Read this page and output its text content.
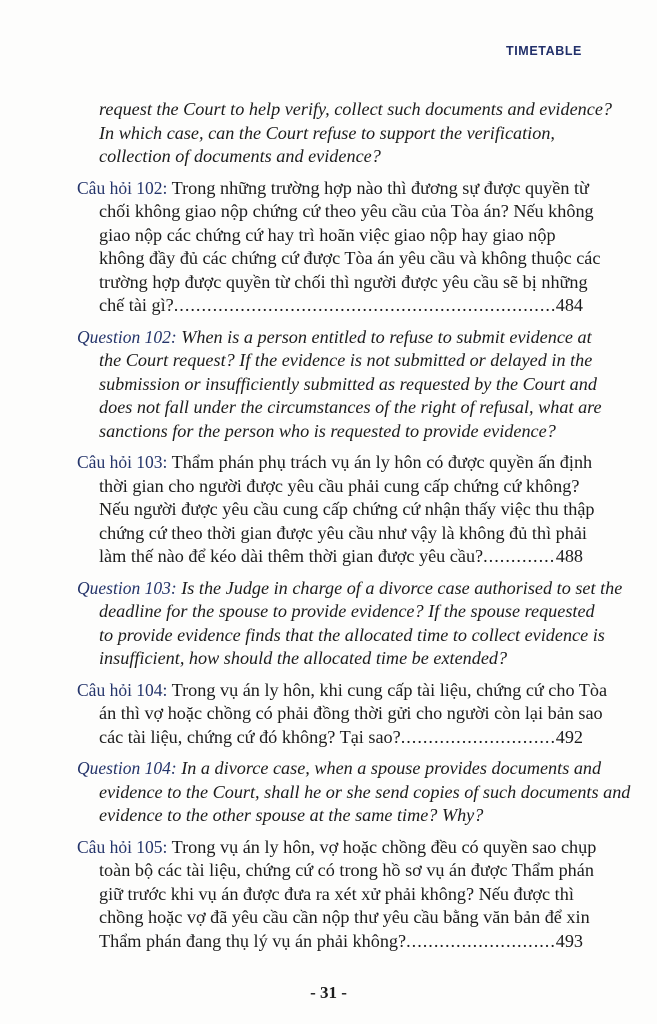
TIMETABLE
request the Court to help verify, collect such documents and evidence?
In which case, can the Court refuse to support the verification,
collection of documents and evidence?
Câu hỏi 102: Trong những trường hợp nào thì đương sự được quyền từ
chối không giao nộp chứng cứ theo yêu cầu của Tòa án? Nếu không
giao nộp các chứng cứ hay trì hoãn việc giao nộp hay giao nộp
không đầy đủ các chứng cứ được Tòa án yêu cầu và không thuộc các
trường hợp được quyền từ chối thì người được yêu cầu sẽ bị những
chế tài gì? .....	484
Question 102: When is a person entitled to refuse to submit evidence at
the Court request? If the evidence is not submitted or delayed in the
submission or insufficiently submitted as requested by the Court and
does not fall under the circumstances of the right of refusal, what are
sanctions for the person who is requested to provide evidence?
Câu hỏi 103: Thẩm phán phụ trách vụ án ly hôn có được quyền ấn định
thời gian cho người được yêu cầu phải cung cấp chứng cứ không?
Nếu người được yêu cầu cung cấp chứng cứ nhận thấy việc thu thập
chứng cứ theo thời gian được yêu cầu như vậy là không đủ thì phải
làm thế nào để kéo dài thêm thời gian được yêu cầu? .....	488
Question 103: Is the Judge in charge of a divorce case authorised to set the
deadline for the spouse to provide evidence? If the spouse requested
to provide evidence finds that the allocated time to collect evidence is
insufficient, how should the allocated time be extended?
Câu hỏi 104: Trong vụ án ly hôn, khi cung cấp tài liệu, chứng cứ cho Tòa
án thì vợ hoặc chồng có phải đồng thời gửi cho người còn lại bản sao
các tài liệu, chứng cứ đó không? Tại sao? .....	492
Question 104: In a divorce case, when a spouse provides documents and
evidence to the Court, shall he or she send copies of such documents and
evidence to the other spouse at the same time? Why?
Câu hỏi 105: Trong vụ án ly hôn, vợ hoặc chồng đều có quyền sao chụp
toàn bộ các tài liệu, chứng cứ có trong hồ sơ vụ án được Thẩm phán
giữ trước khi vụ án được đưa ra xét xử phải không? Nếu được thì
chồng hoặc vợ đã yêu cầu cần nộp thư yêu cầu bằng văn bản để xin
Thẩm phán đang thụ lý vụ án phải không? .....	493
- 31 -
